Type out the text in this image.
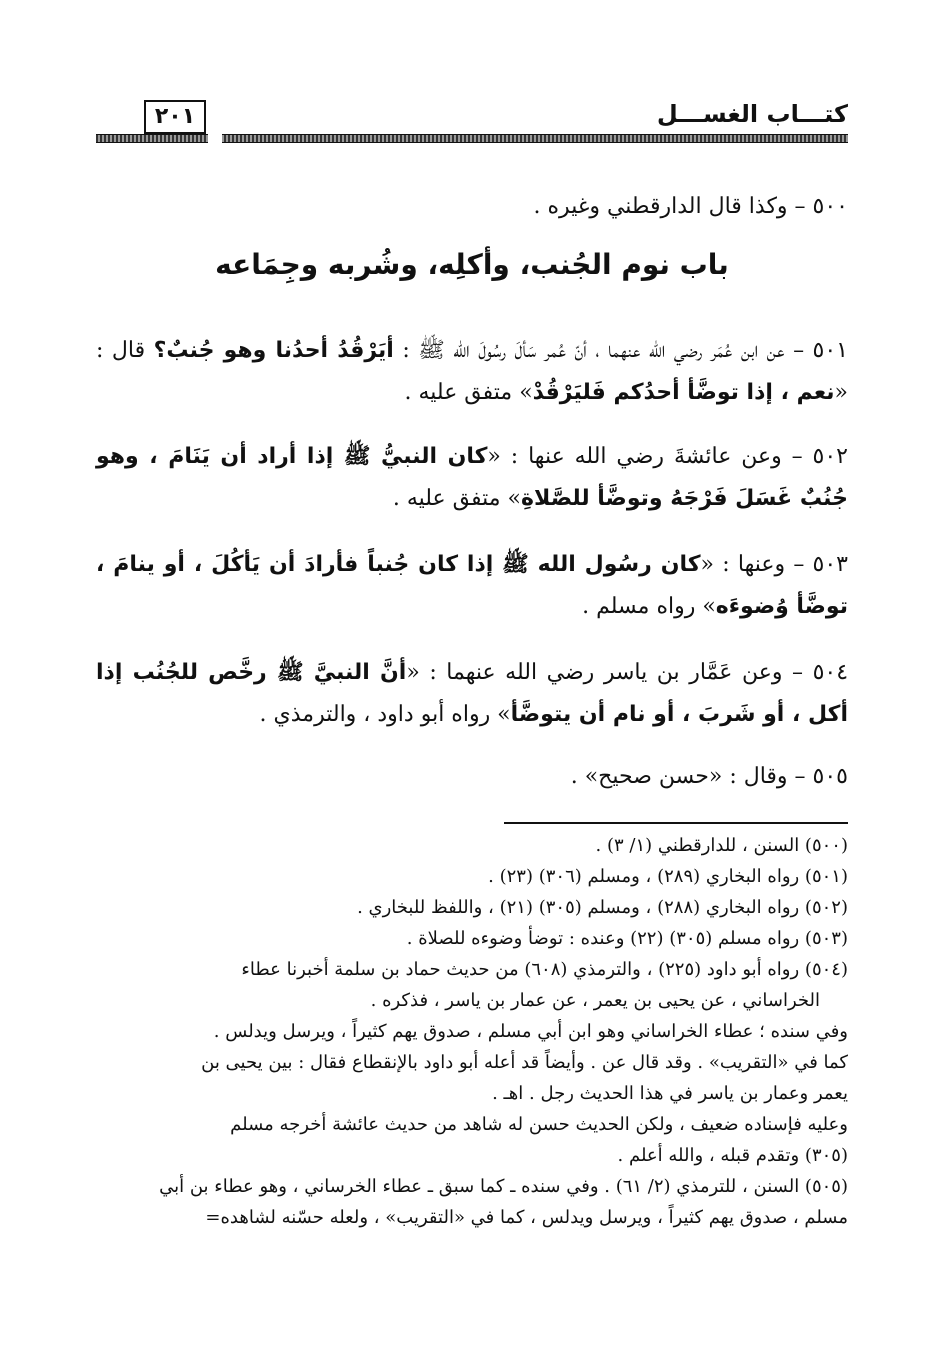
كتـــاب الغســـل
٢٠١

٥٠٠ – وكذا قال الدارقطني وغيره .

باب نوم الجُنب، وأكلِه، وشُربه وجِمَاعه

٥٠١ – عن ابن عُمَر رضي الله عنهما ، أنّ عُمر سَألَ رسُولَ الله ﷺ : أيَرْقُدُ أحدُنا وهو جُنبٌ؟ قال : «نعم ، إذا توضَّأ أحدُكم فَليَرْقُدْ» متفق عليه .

٥٠٢ – وعن عائشةَ رضي الله عنها : «كان النبيُّ ﷺ إذا أراد أن يَنَامَ ، وهو جُنُبٌ غَسَلَ فَرْجَهُ وتوضَّأ للصَّلاةِ» متفق عليه .

٥٠٣ – وعنها : «كان رسُول الله ﷺ إذا كان جُنباً فأرادَ أن يَأكُلَ ، أو ينامَ ، توضَّأ وُضوءَه» رواه مسلم .

٥٠٤ – وعن عَمَّار بن ياسر رضي الله عنهما : «أنَّ النبيَّ ﷺ رخَّص للجُنُب إذا أكل ، أو شَربَ ، أو نام أن يتوضَّأ» رواه أبو داود ، والترمذي .

٥٠٥ – وقال : «حسن صحيح» .

(٥٠٠) السنن ، للدارقطني (١/ ٣) .

(٥٠١) رواه البخاري (٢٨٩) ، ومسلم (٣٠٦) (٢٣) .

(٥٠٢) رواه البخاري (٢٨٨) ، ومسلم (٣٠٥) (٢١) ، واللفظ للبخاري .

(٥٠٣) رواه مسلم (٣٠٥) (٢٢) وعنده : توضأ وضوءه للصلاة .

(٥٠٤) رواه أبو داود (٢٢٥) ، والترمذي (٦٠٨) من حديث حماد بن سلمة أخبرنا عطاء

الخراساني ، عن يحيى بن يعمر ، عن عمار بن ياسر ، فذكره .

وفي سنده ؛ عطاء الخراساني وهو ابن أبي مسلم ، صدوق يهم كثيراً ، ويرسل ويدلس .

كما في «التقريب» . وقد قال عن . وأيضاً قد أعله أبو داود بالإنقطاع فقال : بين يحيى بن

يعمر وعمار بن ياسر في هذا الحديث رجل . اهـ .

وعليه فإسناده ضعيف ، ولكن الحديث حسن له شاهد من حديث عائشة أخرجه مسلم

(٣٠٥) وتقدم قبله ، والله أعلم .

(٥٠٥) السنن ، للترمذي (٢/ ٦١) . وفي سنده ـ كما سبق ـ عطاء الخرساني ، وهو عطاء بن أبي

مسلم ، صدوق يهم كثيراً ، ويرسل ويدلس ، كما في «التقريب» ، ولعله حسّنه لشاهده=
